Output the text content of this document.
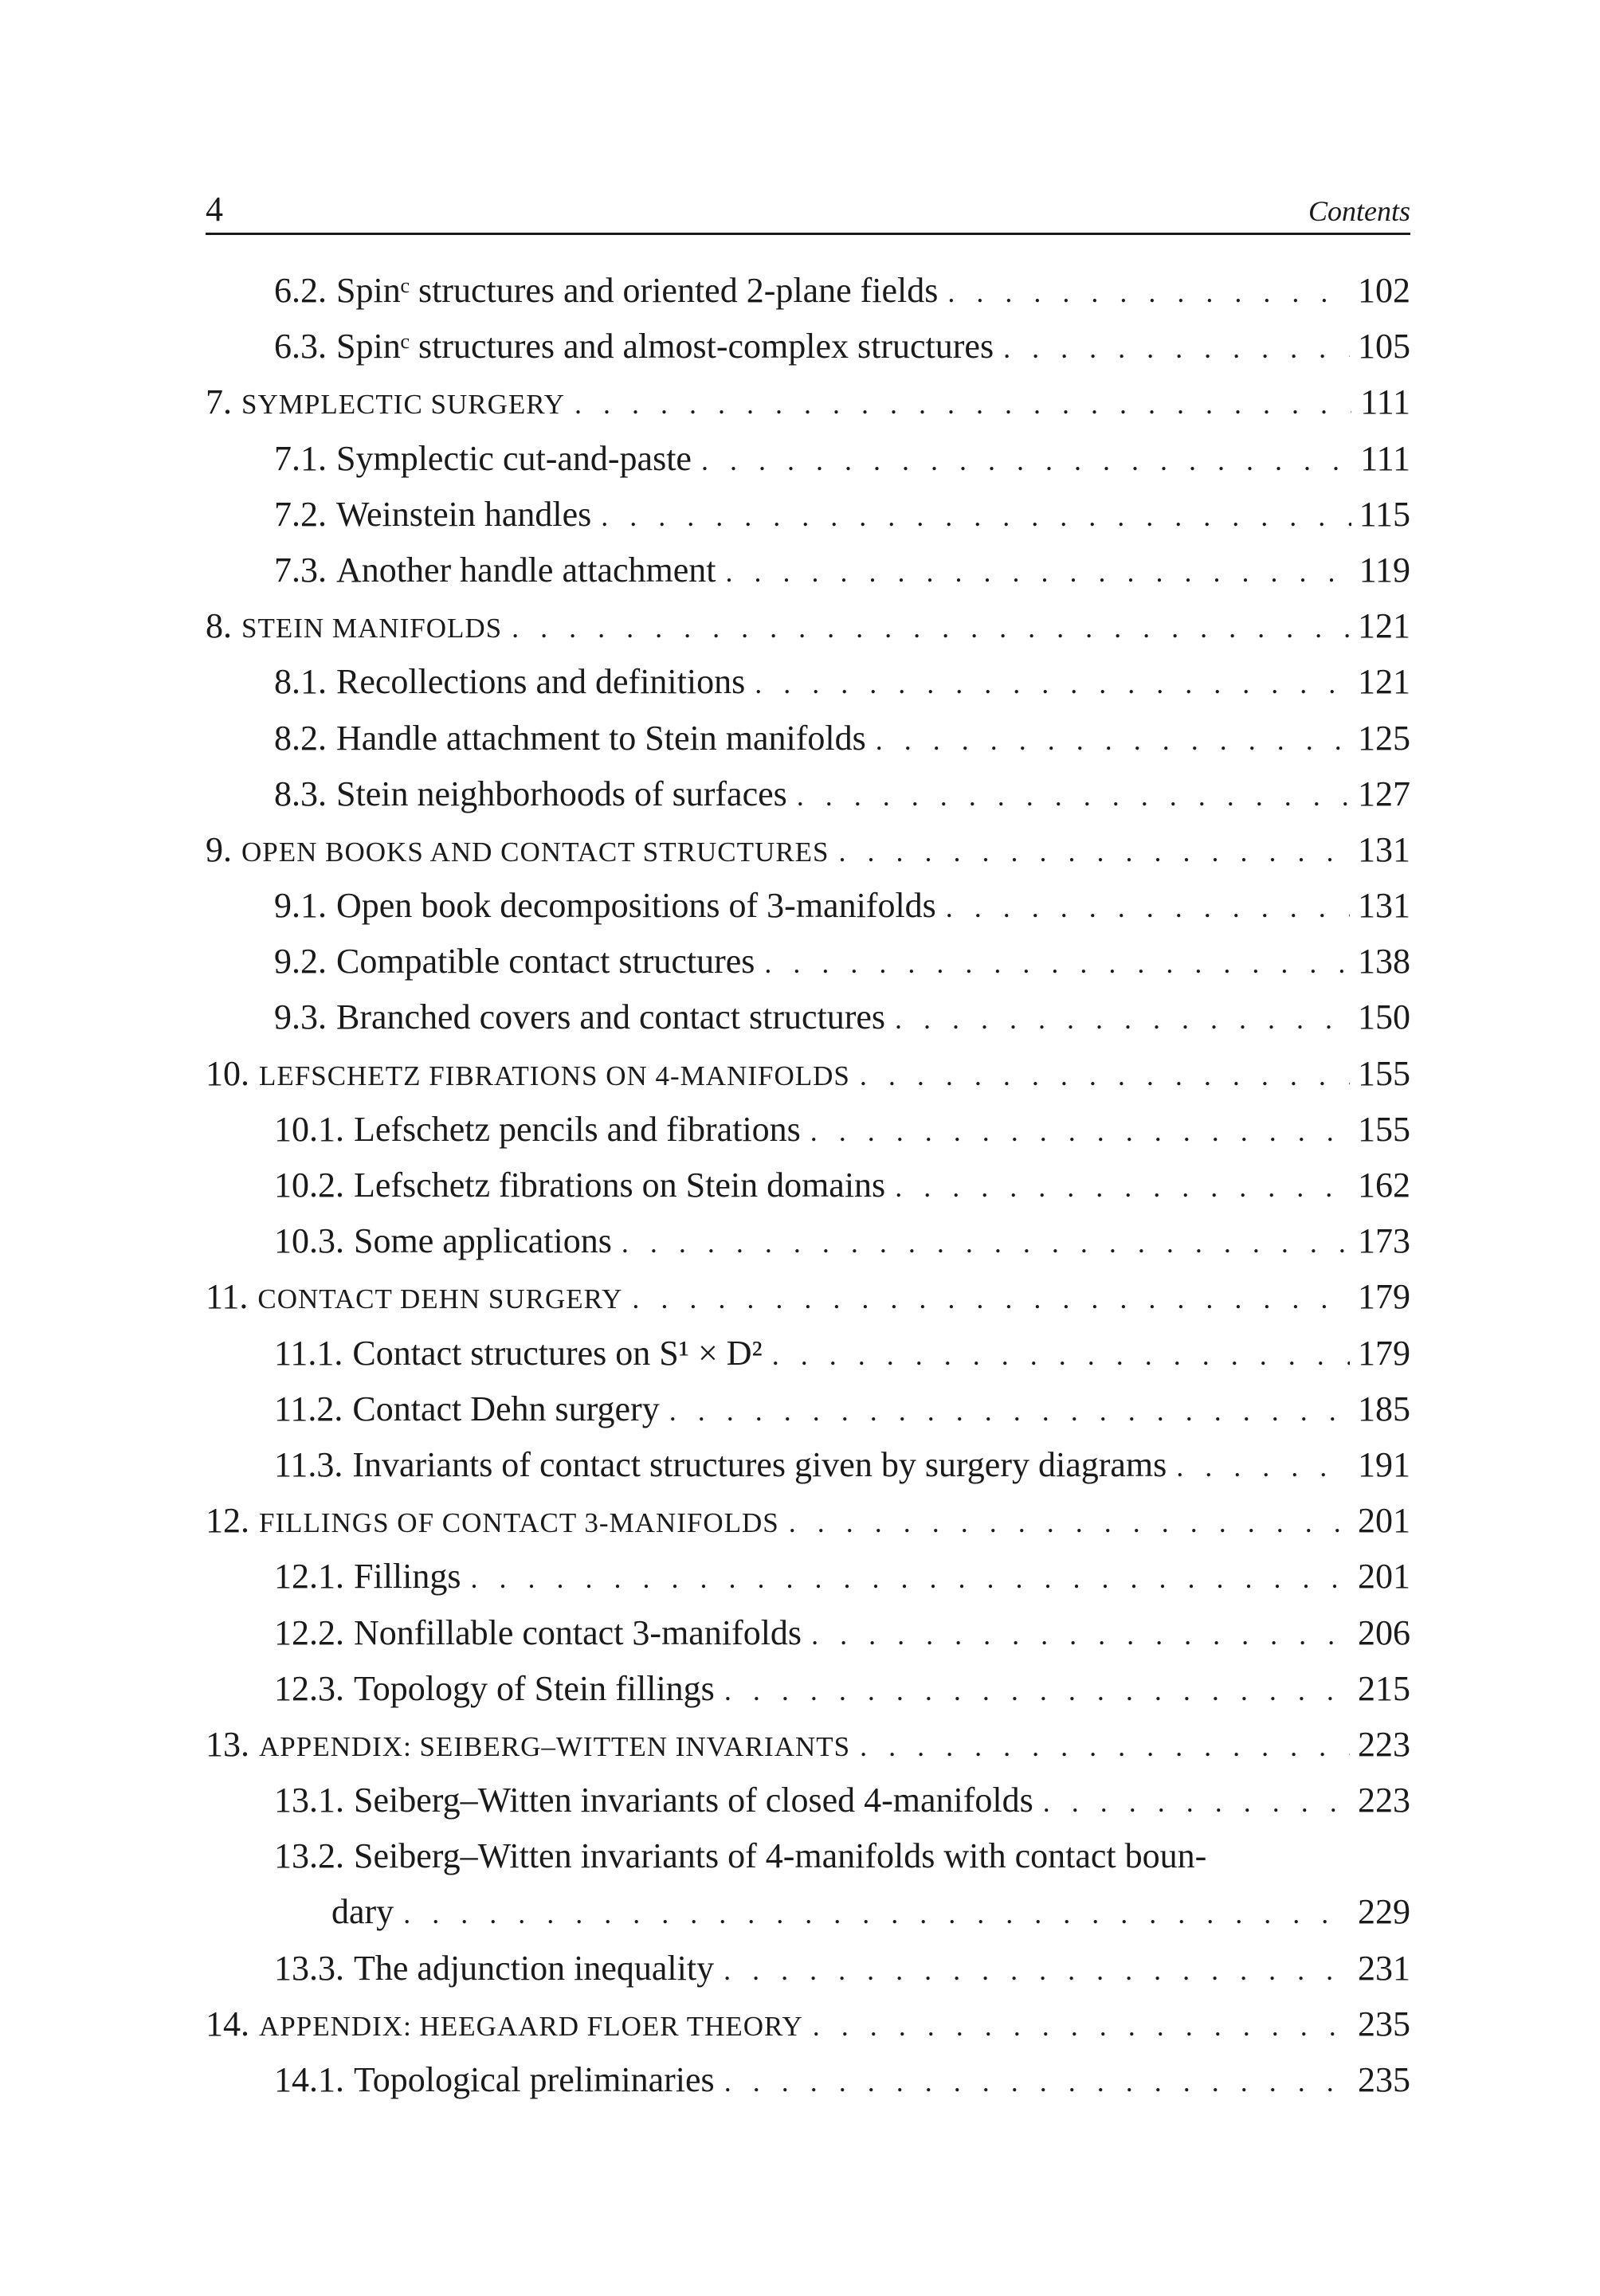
4	Contents
6.2. Spinᶜ structures and oriented 2-plane fields . . .	102
6.3. Spinᶜ structures and almost-complex structures . . .	105
7. SYMPLECTIC SURGERY . . .	111
7.1. Symplectic cut-and-paste . . .	111
7.2. Weinstein handles . . .	115
7.3. Another handle attachment . . .	119
8. STEIN MANIFOLDS . . .	121
8.1. Recollections and definitions . . .	121
8.2. Handle attachment to Stein manifolds . . .	125
8.3. Stein neighborhoods of surfaces . . .	127
9. OPEN BOOKS AND CONTACT STRUCTURES . . .	131
9.1. Open book decompositions of 3-manifolds . . .	131
9.2. Compatible contact structures . . .	138
9.3. Branched covers and contact structures . . .	150
10. LEFSCHETZ FIBRATIONS ON 4-MANIFOLDS . . .	155
10.1. Lefschetz pencils and fibrations . . .	155
10.2. Lefschetz fibrations on Stein domains . . .	162
10.3. Some applications . . .	173
11. CONTACT DEHN SURGERY . . .	179
11.1. Contact structures on S¹ × D² . . .	179
11.2. Contact Dehn surgery . . .	185
11.3. Invariants of contact structures given by surgery diagrams . . .	191
12. FILLINGS OF CONTACT 3-MANIFOLDS . . .	201
12.1. Fillings . . .	201
12.2. Nonfillable contact 3-manifolds . . .	206
12.3. Topology of Stein fillings . . .	215
13. APPENDIX: SEIBERG–WITTEN INVARIANTS . . .	223
13.1. Seiberg–Witten invariants of closed 4-manifolds . . .	223
13.2. Seiberg–Witten invariants of 4-manifolds with contact boun-
dary . . .	229
13.3. The adjunction inequality . . .	231
14. APPENDIX: HEEGAARD FLOER THEORY . . .	235
14.1. Topological preliminaries . . .	235
